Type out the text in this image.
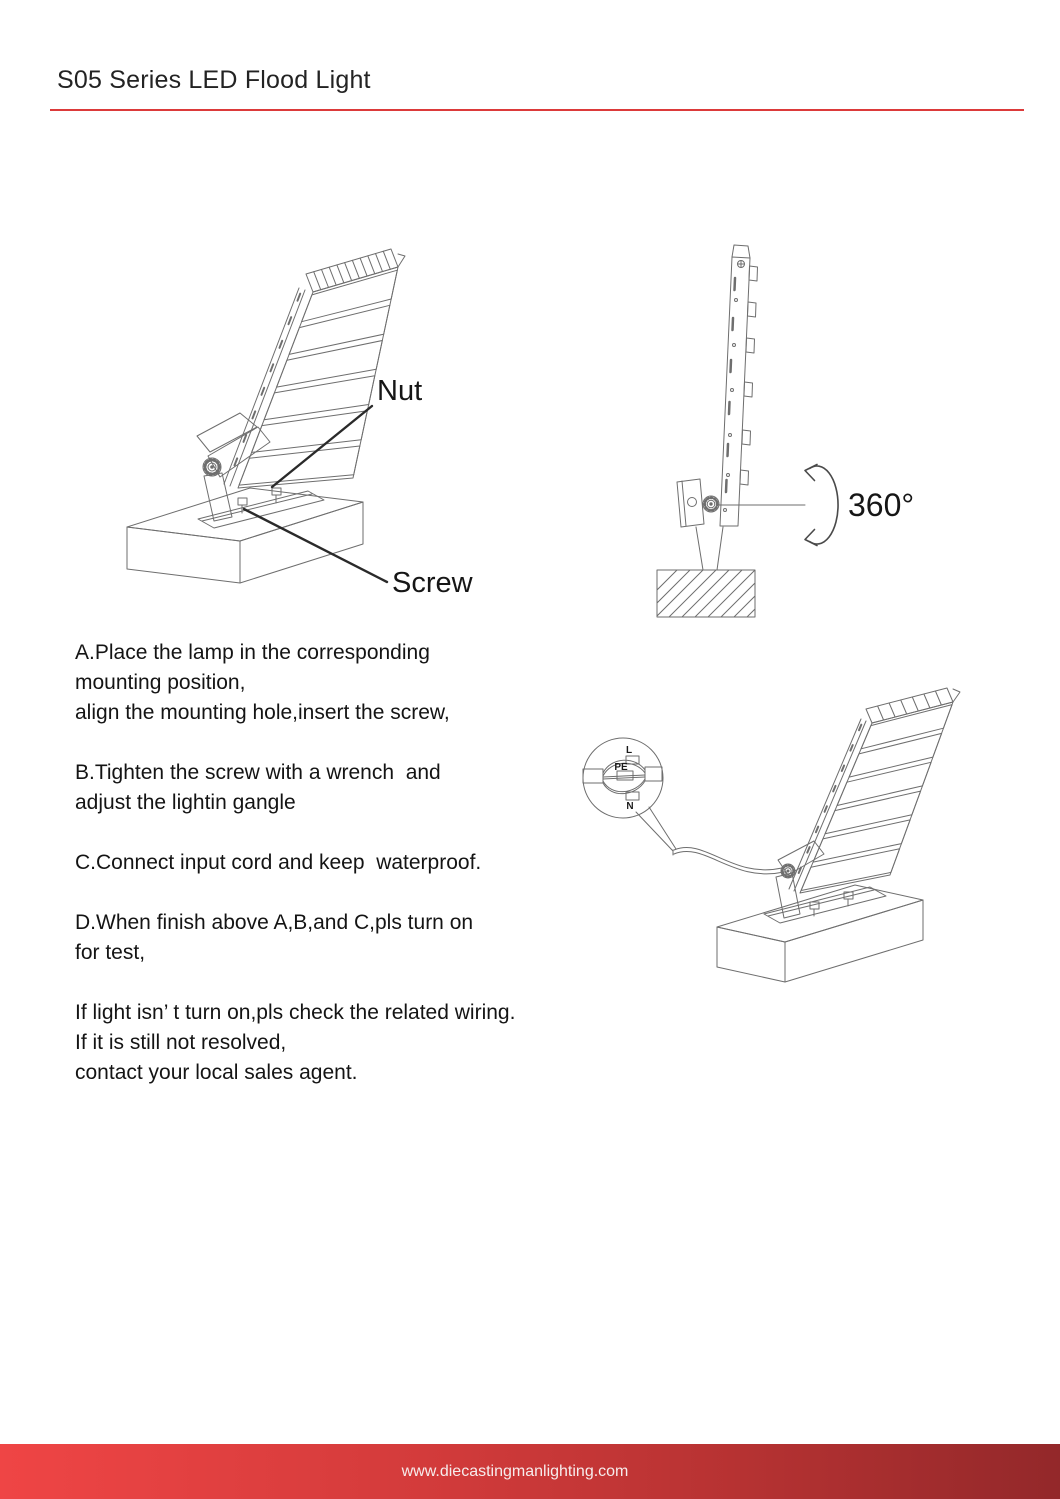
S05 Series LED Flood Light
Nut
Screw
360°
A.Place the lamp in the corresponding
mounting position,
align the mounting hole,insert the screw,
B.Tighten the screw with a wrench  and
adjust the lightin gangle
C.Connect input cord and keep  waterproof.
D.When finish above A,B,and C,pls turn on
for test,
If light isn’ t turn on,pls check the related wiring.
If it is still not resolved,
contact your local sales agent.
L
PE
N
www.diecastingmanlighting.com
